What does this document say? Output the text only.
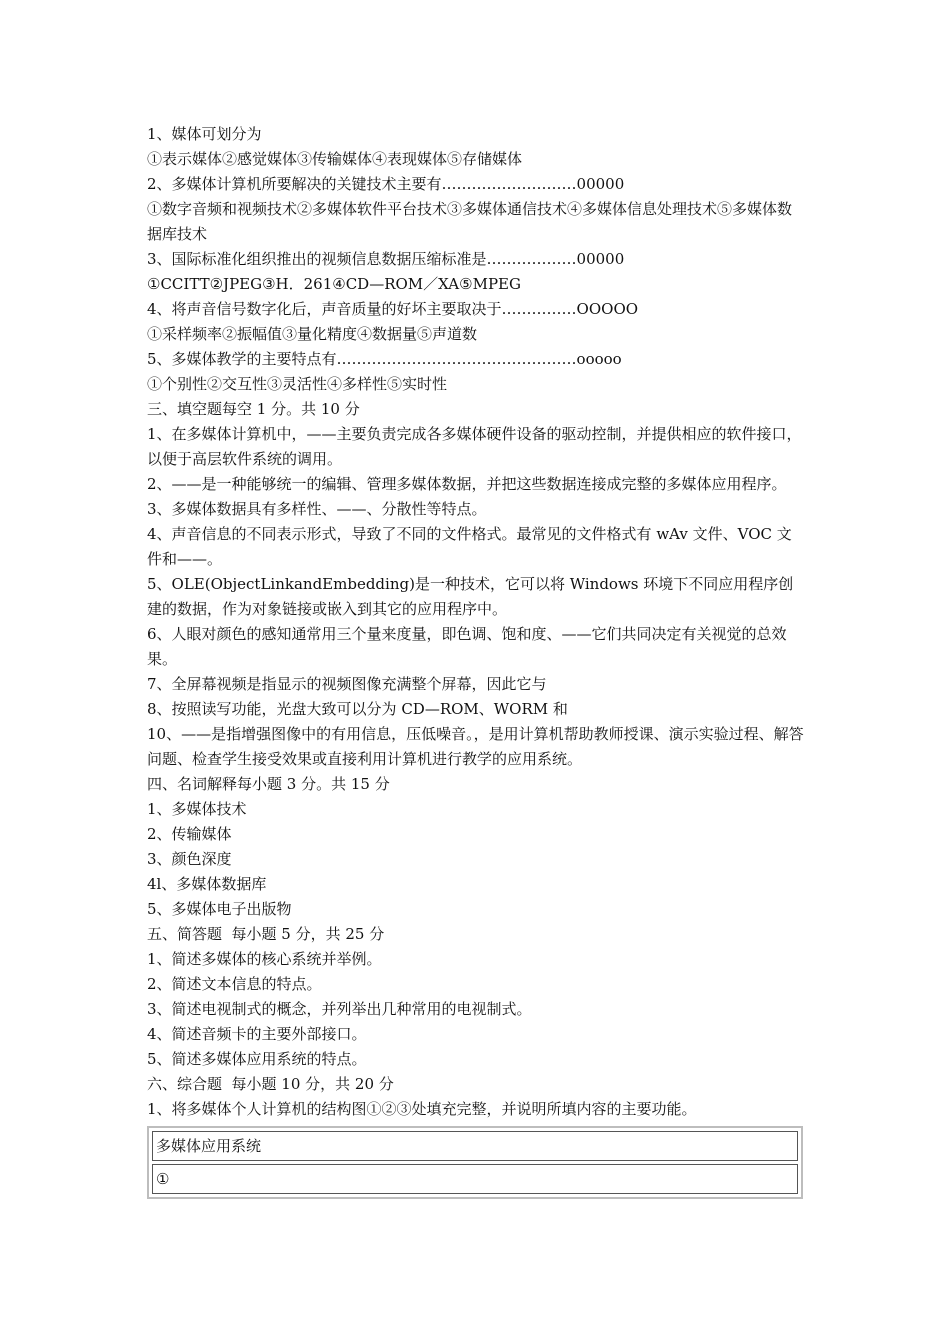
1、媒体可划分为

①表示媒体②感觉媒体③传输媒体④表现媒体⑤存储媒体

2、多媒体计算机所要解决的关键技术主要有………………………00000

①数字音频和视频技术②多媒体软件平台技术③多媒体通信技术④多媒体信息处理技术⑤多媒体数据库技术

3、国际标准化组织推出的视频信息数据压缩标准是………………00000

①CCITT②JPEG③H．261④CD—ROM／XA⑤MPEG

4、将声音信号数字化后，声音质量的好坏主要取决于……………OOOOO

①采样频率②振幅值③量化精度④数据量⑤声道数

5、多媒体教学的主要特点有…………………………………………ooooo

①个别性②交互性③灵活性④多样性⑤实时性

三、填空题每空 1 分。共 10 分

1、在多媒体计算机中，——主要负责完成各多媒体硬件设备的驱动控制，并提供相应的软件接口，以便于高层软件系统的调用。

2、——是一种能够统一的编辑、管理多媒体数据，并把这些数据连接成完整的多媒体应用程序。

3、多媒体数据具有多样性、——、分散性等特点。

4、声音信息的不同表示形式，导致了不同的文件格式。最常见的文件格式有 wAv 文件、VOC 文件和——。

5、OLE(ObjectLinkandEmbedding)是一种技术，它可以将 Windows 环境下不同应用程序创建的数据，作为对象链接或嵌入到其它的应用程序中。

6、人眼对颜色的感知通常用三个量来度量，即色调、饱和度、——它们共同决定有关视觉的总效果。

7、全屏幕视频是指显示的视频图像充满整个屏幕，因此它与

8、按照读写功能，光盘大致可以分为 CD—ROM、WORM 和

10、——是指增强图像中的有用信息，压低噪音。，是用计算机帮助教师授课、演示实验过程、解答问题、检查学生接受效果或直接利用计算机进行教学的应用系统。

四、名词解释每小题 3 分。共 15 分

1、多媒体技术

2、传输媒体

3、颜色深度

4l、多媒体数据库

5、多媒体电子出版物

五、简答题  每小题 5 分，共 25 分

1、简述多媒体的核心系统并举例。

2、简述文本信息的特点。

3、简述电视制式的概念，并列举出几种常用的电视制式。

4、简述音频卡的主要外部接口。

5、简述多媒体应用系统的特点。

六、综合题  每小题 10 分，共 20 分

1、将多媒体个人计算机的结构图①②③处填充完整，并说明所填内容的主要功能。

多媒体应用系统
①
